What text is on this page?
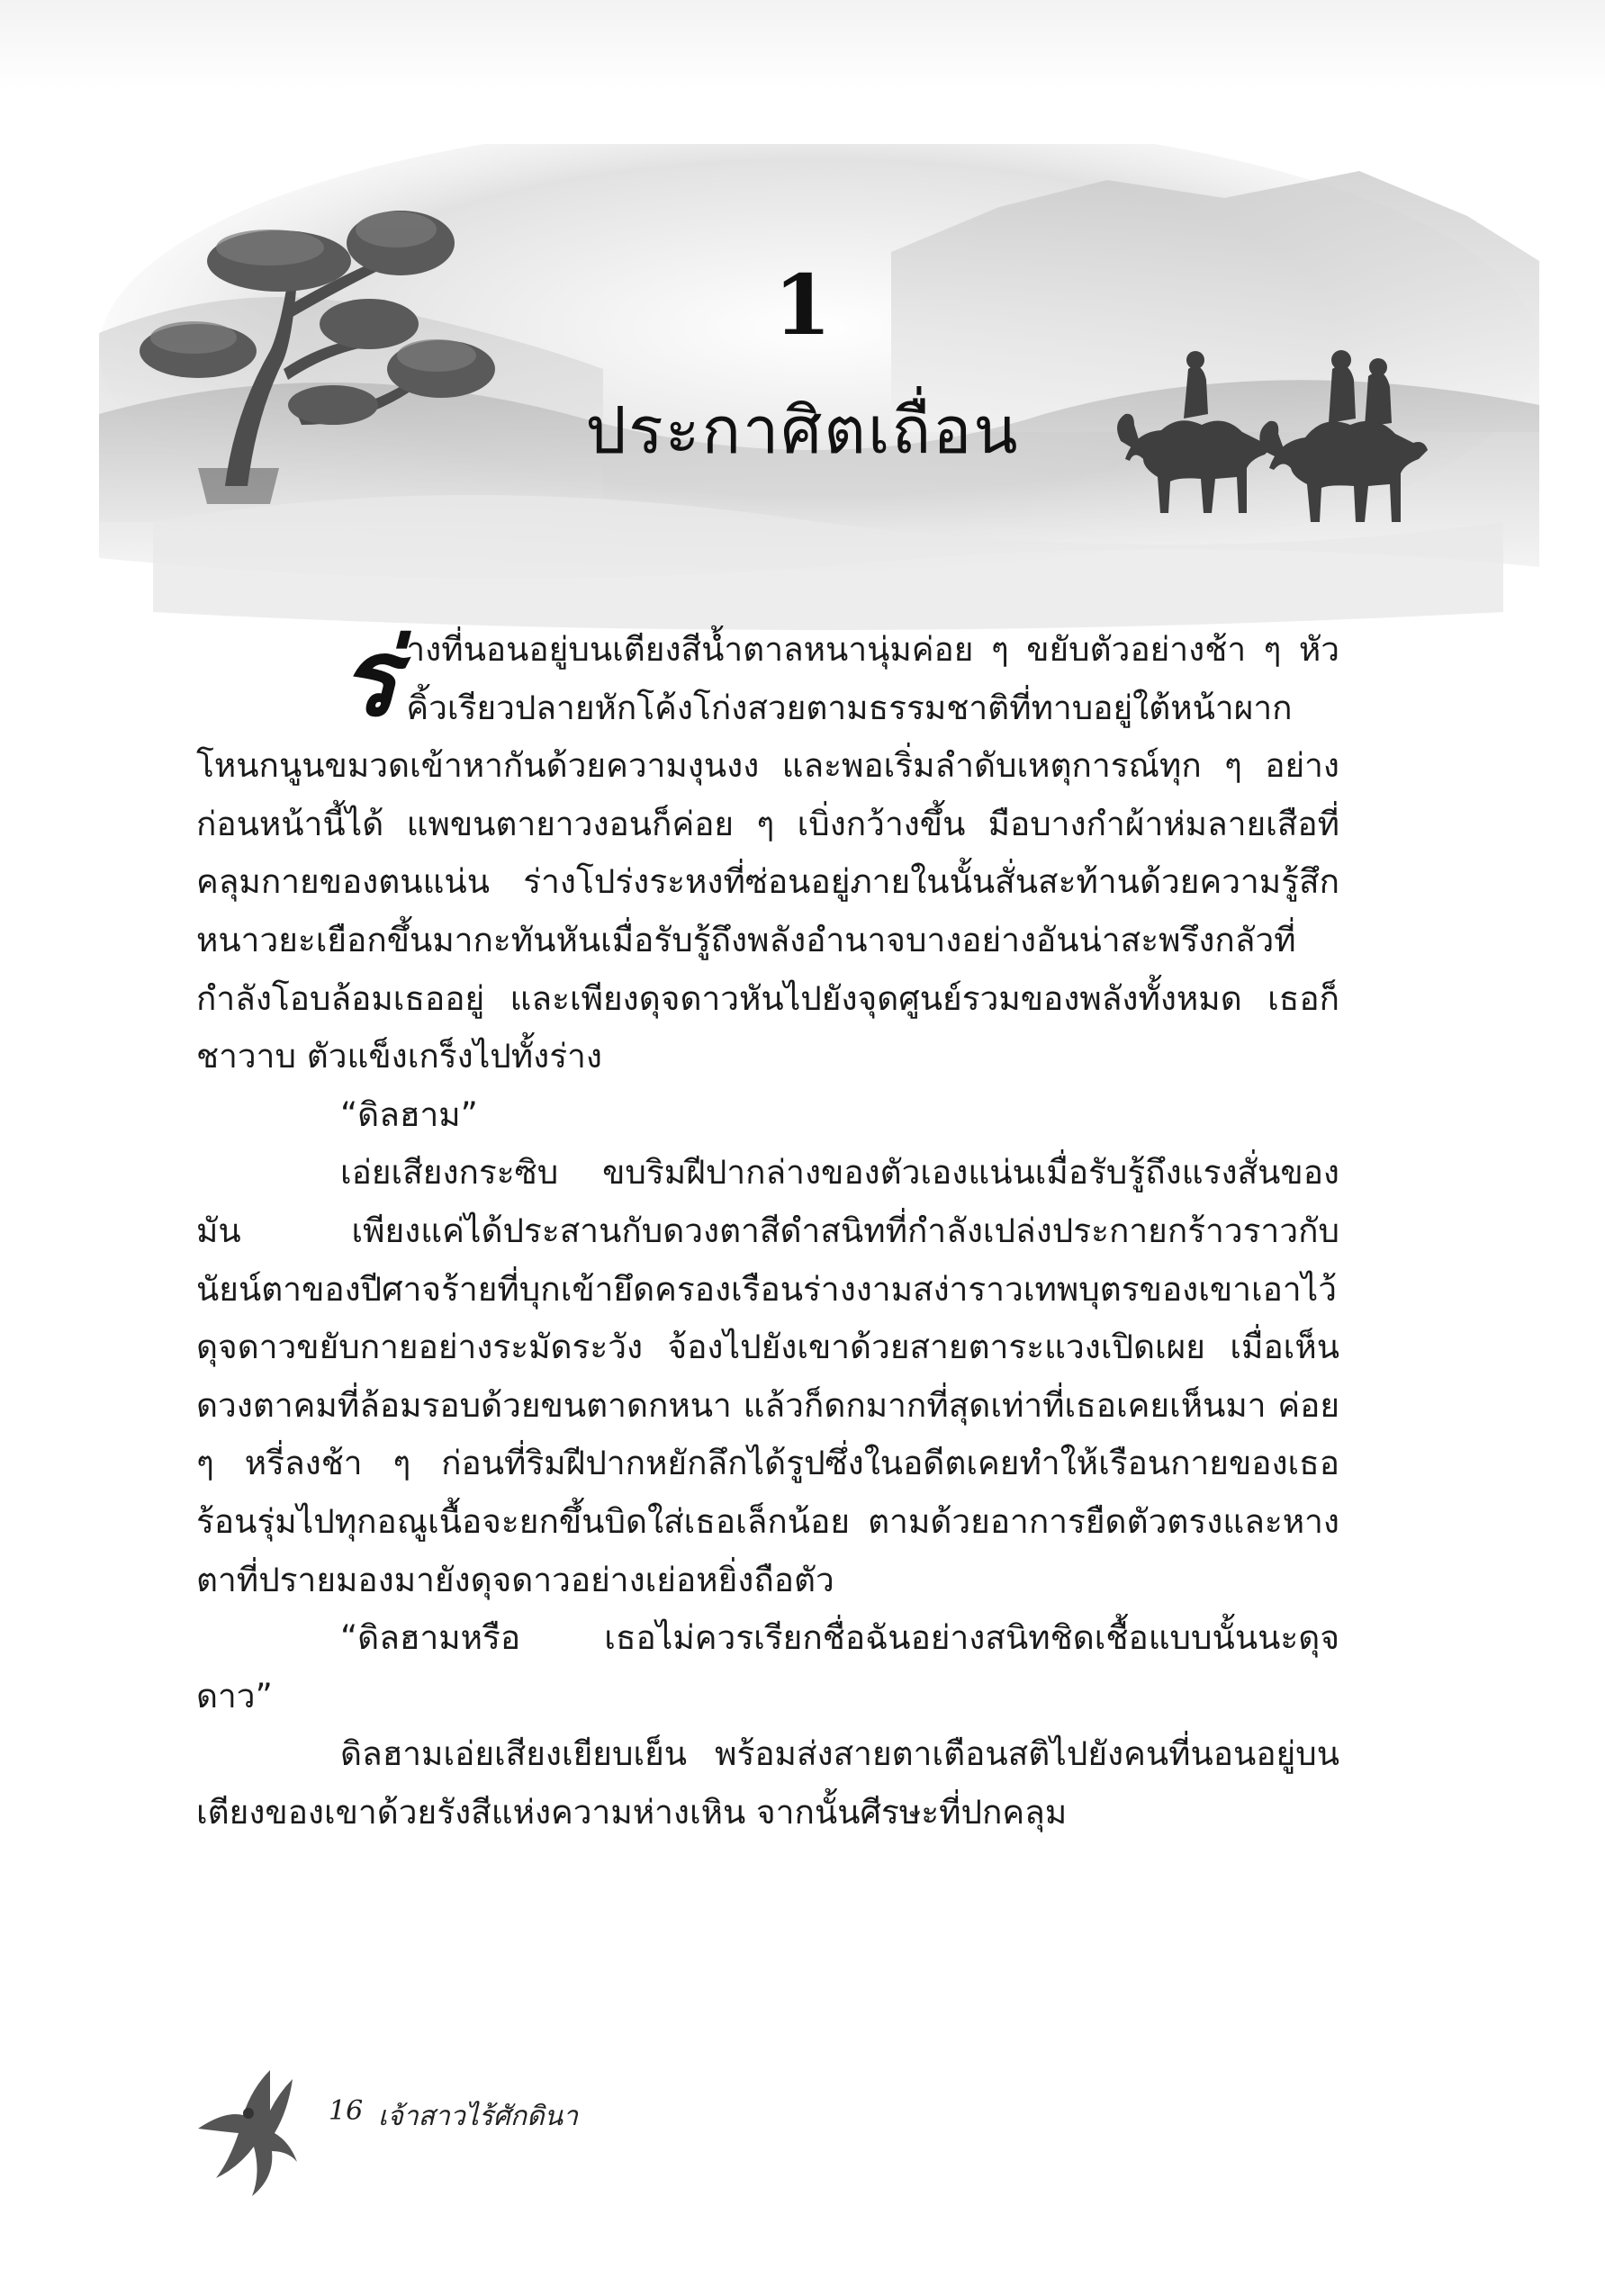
1
ประกาศิตเถื่อน

ร่างที่นอนอยู่บนเตียงสีน้ำตาลหนานุ่มค่อย ๆ ขยับตัวอย่างช้า ๆ หัวคิ้วเรียวปลายหักโค้งโก่งสวยตามธรรมชาติที่ทาบอยู่ใต้หน้าผากโหนกนูนขมวดเข้าหากันด้วยความงุนงง และพอเริ่มลำดับเหตุการณ์ทุก ๆ อย่างก่อนหน้านี้ได้ แพขนตายาวงอนก็ค่อย ๆ เบิ่งกว้างขึ้น มือบางกำผ้าห่มลายเสือที่คลุมกายของตนแน่น ร่างโปร่งระหงที่ซ่อนอยู่ภายในนั้นสั่นสะท้านด้วยความรู้สึกหนาวยะเยือกขึ้นมากะทันหันเมื่อรับรู้ถึงพลังอำนาจบางอย่างอันน่าสะพรึงกลัวที่กำลังโอบล้อมเธออยู่ และเพียงดุจดาวหันไปยังจุดศูนย์รวมของพลังทั้งหมด เธอก็ชาวาบ ตัวแข็งเกร็งไปทั้งร่าง

“ดิลฮาม”

เอ่ยเสียงกระซิบ ขบริมฝีปากล่างของตัวเองแน่นเมื่อรับรู้ถึงแรงสั่นของมัน เพียงแค่ได้ประสานกับดวงตาสีดำสนิทที่กำลังเปล่งประกายกร้าวราวกับนัยน์ตาของปีศาจร้ายที่บุกเข้ายึดครองเรือนร่างงามสง่าราวเทพบุตรของเขาเอาไว้ ดุจดาวขยับกายอย่างระมัดระวัง จ้องไปยังเขาด้วยสายตาระแวงเปิดเผย เมื่อเห็นดวงตาคมที่ล้อมรอบด้วยขนตาดกหนา แล้วก็ดกมากที่สุดเท่าที่เธอเคยเห็นมา ค่อย ๆ หรี่ลงช้า ๆ ก่อนที่ริมฝีปากหยักลึกได้รูปซึ่งในอดีตเคยทำให้เรือนกายของเธอร้อนรุ่มไปทุกอณูเนื้อจะยกขึ้นบิดใส่เธอเล็กน้อย ตามด้วยอาการยืดตัวตรงและหางตาที่ปรายมองมายังดุจดาวอย่างเย่อหยิ่งถือตัว

“ดิลฮามหรือ เธอไม่ควรเรียกชื่อฉันอย่างสนิทชิดเชื้อแบบนั้นนะดุจดาว”

ดิลฮามเอ่ยเสียงเยียบเย็น พร้อมส่งสายตาเตือนสติไปยังคนที่นอนอยู่บนเตียงของเขาด้วยรังสีแห่งความห่างเหิน จากนั้นศีรษะที่ปกคลุม

16 เจ้าสาวไร้ศักดินา
